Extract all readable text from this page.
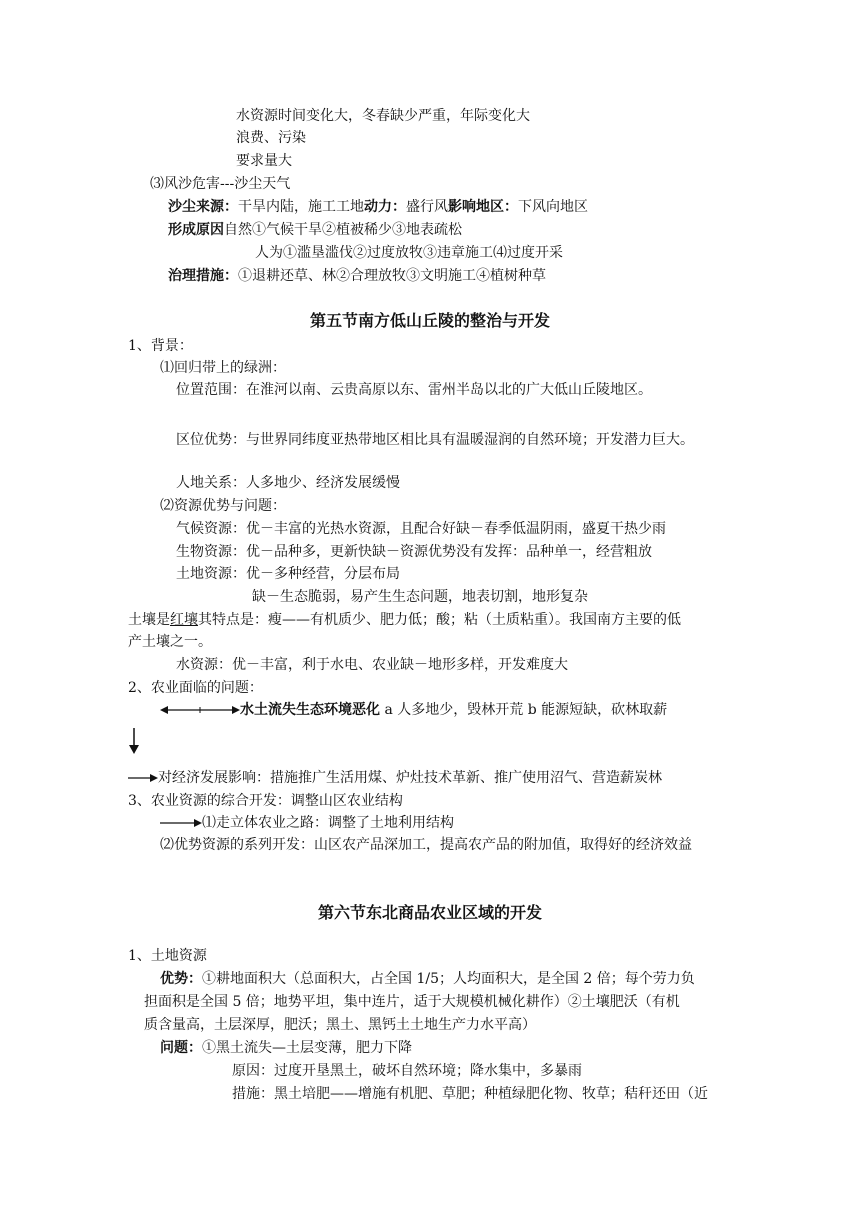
水资源时间变化大，冬春缺少严重，年际变化大
浪费、污染
要求量大
⑶风沙危害---沙尘天气
沙尘来源：干旱内陆，施工工地动力：盛行风影响地区：下风向地区
形成原因自然①气候干旱②植被稀少③地表疏松
人为①滥垦滥伐②过度放牧③违章施工⑷过度开采
治理措施：①退耕还草、林②合理放牧③文明施工④植树种草
第五节南方低山丘陵的整治与开发
1、背景：
⑴回归带上的绿洲：
位置范围：在淮河以南、云贵高原以东、雷州半岛以北的广大低山丘陵地区。
区位优势：与世界同纬度亚热带地区相比具有温暖湿润的自然环境；开发潜力巨大。
人地关系：人多地少、经济发展缓慢
⑵资源优势与问题：
气候资源：优－丰富的光热水资源，且配合好缺－春季低温阴雨，盛夏干热少雨
生物资源：优－品种多，更新快缺－资源优势没有发挥：品种单一，经营粗放
土地资源：优－多种经营，分层布局
缺－生态脆弱，易产生生态问题，地表切割，地形复杂
土壤是红壤其特点是：瘦——有机质少、肥力低；酸；粘（土质粘重）。我国南方主要的低
产土壤之一。
水资源：优－丰富，利于水电、农业缺－地形多样，开发难度大
2、农业面临的问题：
水土流失生态环境恶化 a 人多地少，毁林开荒 b 能源短缺，砍林取薪
对经济发展影响：措施推广生活用煤、炉灶技术革新、推广使用沼气、营造薪炭林
3、农业资源的综合开发：调整山区农业结构
⑴走立体农业之路：调整了土地利用结构
⑵优势资源的系列开发：山区农产品深加工，提高农产品的附加值，取得好的经济效益
第六节东北商品农业区域的开发
1、土地资源
优势：①耕地面积大（总面积大，占全国 1/5；人均面积大，是全国 2 倍；每个劳力负
担面积是全国 5 倍；地势平坦，集中连片，适于大规模机械化耕作）②土壤肥沃（有机
质含量高，土层深厚，肥沃；黑土、黑钙土土地生产力水平高）
问题：①黑土流失—土层变薄，肥力下降
原因：过度开垦黑土，破坏自然环境；降水集中，多暴雨
措施：黑土培肥——增施有机肥、草肥；种植绿肥化物、牧草；秸秆还田（近
